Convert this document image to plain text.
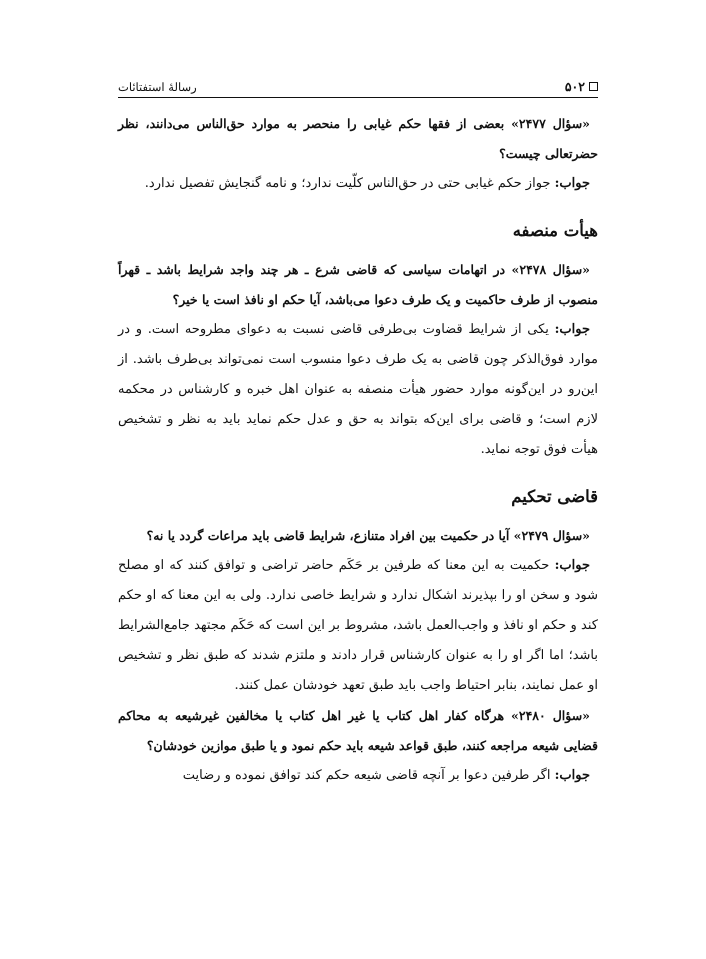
۵۰۲
رسالهٔ استفتائات

«سؤال ۲۴۷۷» بعضی از فقها حکم غیابی را منحصر به موارد حق‌الناس می‌دانند، نظر حضرتعالی چیست؟

جواب: جواز حکم غیابی حتی در حق‌الناس کلّیت ندارد؛ و نامه گنجایش تفصیل ندارد.

هیأت منصفه

«سؤال ۲۴۷۸» در اتهامات سیاسی که قاضی شرع ـ هر چند واجد شرایط باشد ـ قهراً منصوب از طرف حاکمیت و یک طرف دعوا می‌باشد، آیا حکم او نافذ است یا خیر؟

جواب: یکی از شرایط قضاوت بی‌طرفی قاضی نسبت به دعوای مطروحه است. و در موارد فوق‌الذکر چون قاضی به یک طرف دعوا منسوب است نمی‌تواند بی‌طرف باشد. از این‌رو در این‌گونه موارد حضور هیأت منصفه به عنوان اهل خبره و کارشناس در محکمه لازم است؛ و قاضی برای این‌که بتواند به حق و عدل حکم نماید باید به نظر و تشخیص هیأت فوق توجه نماید.

قاضی تحکیم

«سؤال ۲۴۷۹» آیا در حکمیت بین افراد متنازع، شرایط قاضی باید مراعات گردد یا نه؟

جواب: حکمیت به این معنا که طرفین بر حَکَم حاضر تراضی و توافق کنند که او مصلح شود و سخن او را بپذیرند اشکال ندارد و شرایط خاصی ندارد. ولی به این معنا که او حکم کند و حکم او نافذ و واجب‌العمل باشد، مشروط بر این است که حَکَم مجتهد جامع‌الشرایط باشد؛ اما اگر او را به عنوان کارشناس قرار دادند و ملتزم شدند که طبق نظر و تشخیص او عمل نمایند، بنابر احتیاط واجب باید طبق تعهد خودشان عمل کنند.

«سؤال ۲۴۸۰» هرگاه کفار اهل کتاب یا غیر اهل کتاب یا مخالفین غیرشیعه به محاکم قضایی شیعه مراجعه کنند، طبق قواعد شیعه باید حکم نمود و یا طبق موازین خودشان؟

جواب: اگر طرفین دعوا بر آنچه قاضی شیعه حکم کند توافق نموده و رضایت
